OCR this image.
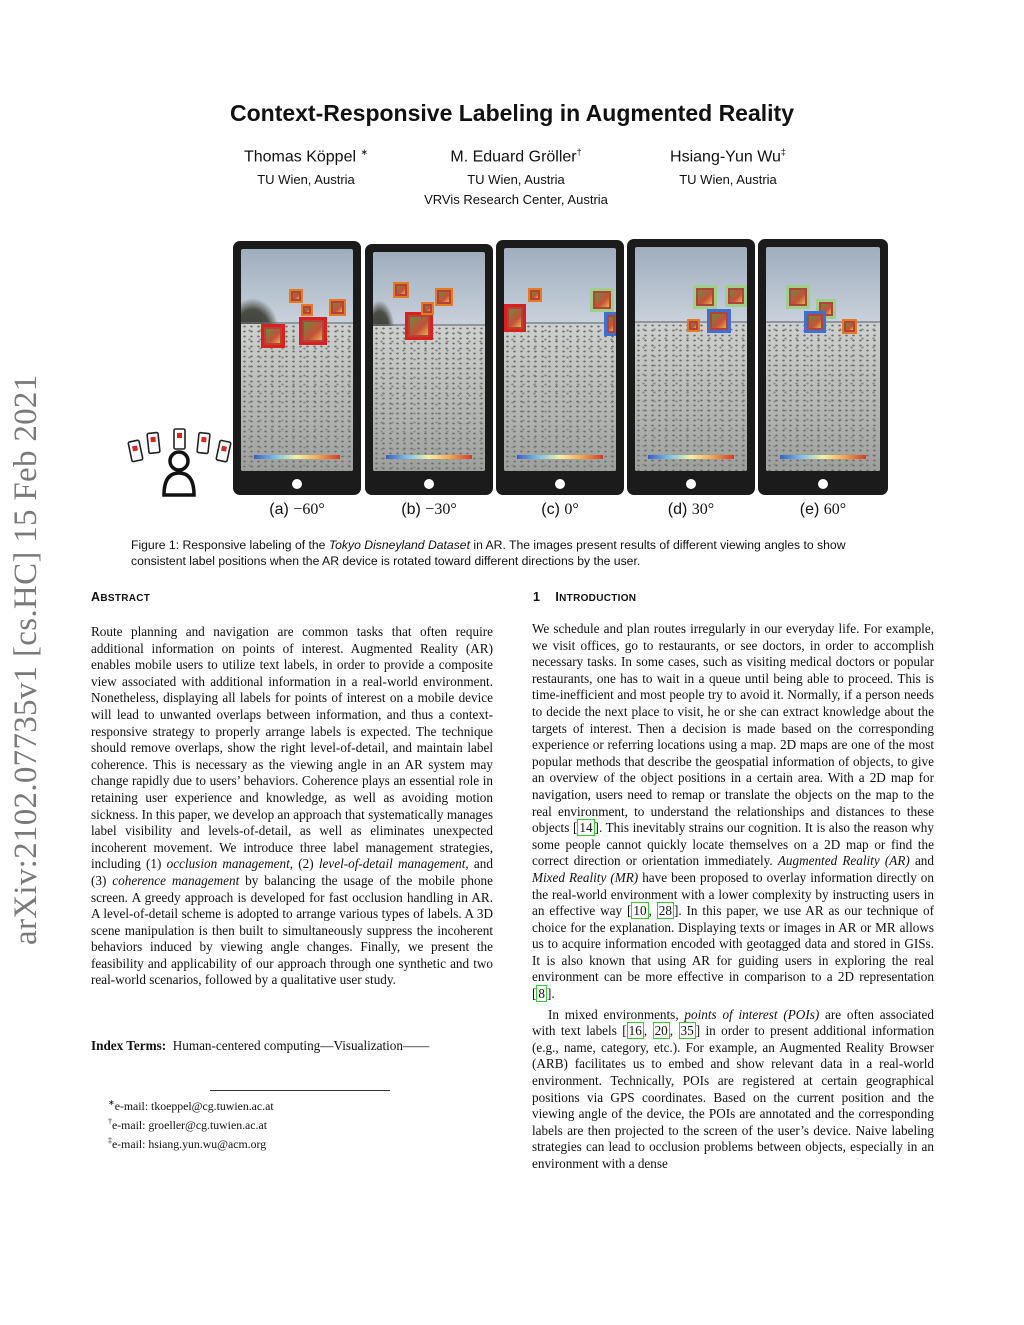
arXiv:2102.07735v1 [cs.HC] 15 Feb 2021
Context-Responsive Labeling in Augmented Reality
Thomas Köppel ∗
TU Wien, Austria
M. Eduard Gröller†
TU Wien, Austria
VRVis Research Center, Austria
Hsiang-Yun Wu‡
TU Wien, Austria
(a) −60°	(b) −30°	(c) 0°	(d) 30°	(e) 60°
Figure 1: Responsive labeling of the Tokyo Disneyland Dataset in AR. The images present results of different viewing angles to show consistent label positions when the AR device is rotated toward different directions by the user.
ABSTRACT

Route planning and navigation are common tasks that often require additional information on points of interest. Augmented Reality (AR) enables mobile users to utilize text labels, in order to provide a composite view associated with additional information in a real-world environment. Nonetheless, displaying all labels for points of interest on a mobile device will lead to unwanted overlaps between information, and thus a context-responsive strategy to properly arrange labels is expected. The technique should remove overlaps, show the right level-of-detail, and maintain label coherence. This is necessary as the viewing angle in an AR system may change rapidly due to users’ behaviors. Coherence plays an essential role in retaining user experience and knowledge, as well as avoiding motion sickness. In this paper, we develop an approach that systematically manages label visibility and levels-of-detail, as well as eliminates unexpected incoherent movement. We introduce three label management strategies, including (1) occlusion management, (2) level-of-detail management, and (3) coherence management by balancing the usage of the mobile phone screen. A greedy approach is developed for fast occlusion handling in AR. A level-of-detail scheme is adopted to arrange various types of labels. A 3D scene manipulation is then built to simultaneously suppress the incoherent behaviors induced by viewing angle changes. Finally, we present the feasibility and applicability of our approach through one synthetic and two real-world scenarios, followed by a qualitative user study.

Index Terms: Human-centered computing—Visualization——
∗e-mail: tkoeppel@cg.tuwien.ac.at
†e-mail: groeller@cg.tuwien.ac.at
‡e-mail: hsiang.yun.wu@acm.org
1 INTRODUCTION

We schedule and plan routes irregularly in our everyday life. For example, we visit offices, go to restaurants, or see doctors, in order to accomplish necessary tasks. In some cases, such as visiting medical doctors or popular restaurants, one has to wait in a queue until being able to proceed. This is time-inefficient and most people try to avoid it. Normally, if a person needs to decide the next place to visit, he or she can extract knowledge about the targets of interest. Then a decision is made based on the corresponding experience or referring locations using a map. 2D maps are one of the most popular methods that describe the geospatial information of objects, to give an overview of the object positions in a certain area. With a 2D map for navigation, users need to remap or translate the objects on the map to the real environment, to understand the relationships and distances to these objects [ 14 ]. This inevitably strains our cognition. It is also the reason why some people cannot quickly locate themselves on a 2D map or find the correct direction or orientation immediately. Augmented Reality (AR) and Mixed Reality (MR) have been proposed to overlay information directly on the real-world environment with a lower complexity by instructing users in an effective way [ 10 , 28 ]. In this paper, we use AR as our technique of choice for the explanation. Displaying texts or images in AR or MR allows us to acquire information encoded with geotagged data and stored in GISs. It is also known that using AR for guiding users in exploring the real environment can be more effective in comparison to a 2D representation [ 8 ].

In mixed environments, points of interest (POIs) are often associated with text labels [ 16 , 20 , 35 ] in order to present additional information (e.g., name, category, etc.). For example, an Augmented Reality Browser (ARB) facilitates us to embed and show relevant data in a real-world environment. Technically, POIs are registered at certain geographical positions via GPS coordinates. Based on the current position and the viewing angle of the device, the POIs are annotated and the corresponding labels are then projected to the screen of the user’s device. Naive labeling strategies can lead to occlusion problems between objects, especially in an environment with a dense
